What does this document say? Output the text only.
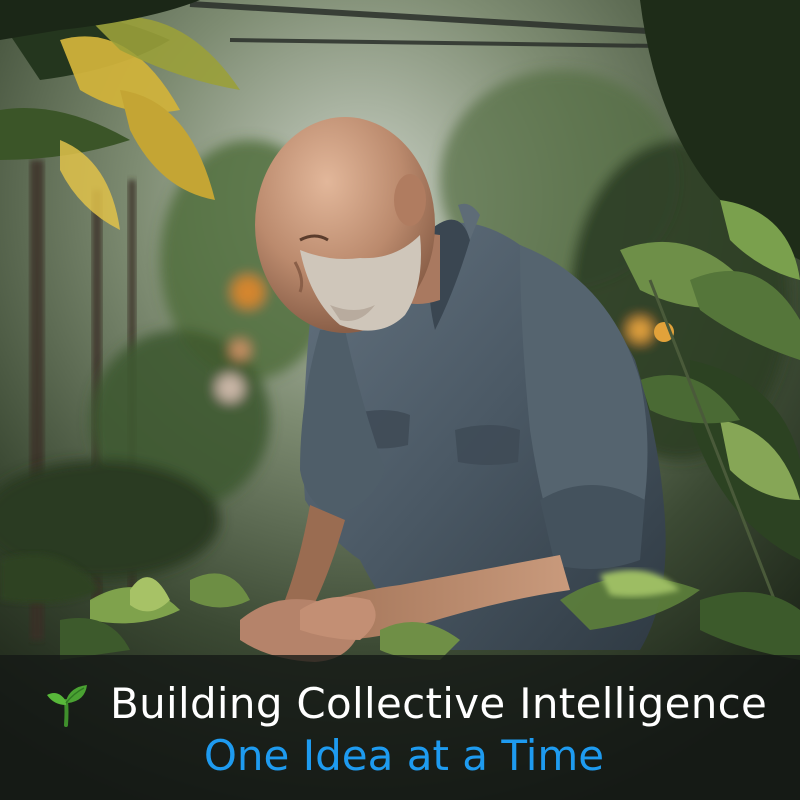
Building Collective Intelligence
One Idea at a Time
